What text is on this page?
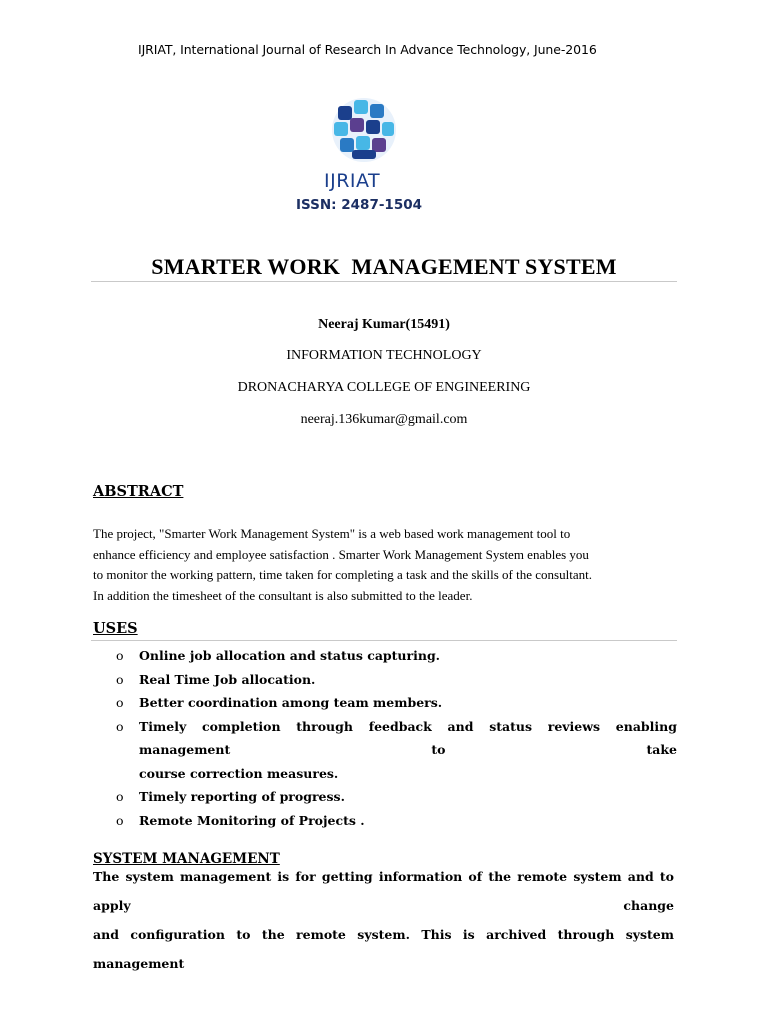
IJRIAT, International Journal of Research In Advance Technology, June-2016
IJRIAT
ISSN: 2487-1504
SMARTER WORK  MANAGEMENT SYSTEM
Neeraj Kumar(15491)
INFORMATION TECHNOLOGY
DRONACHARYA COLLEGE OF ENGINEERING
neeraj.136kumar@gmail.com
ABSTRACT

The project, "Smarter Work Management System" is a web based work management tool to

enhance efficiency and employee satisfaction . Smarter Work Management System enables you

to monitor the working pattern, time taken for completing a task and the skills of the consultant.

In addition the timesheet of the consultant is also submitted to the leader.

USES
o	Online job allocation and status capturing.
o	Real Time Job allocation.
o	Better coordination among team members.
o	Timely completion through feedback and status reviews enabling management to take
course correction measures.
o	Timely reporting of progress.
o	Remote Monitoring of Projects .
SYSTEM MANAGEMENT
The system management is for getting information of the remote system and to apply change
and configuration to the remote system. This is archived through system management
